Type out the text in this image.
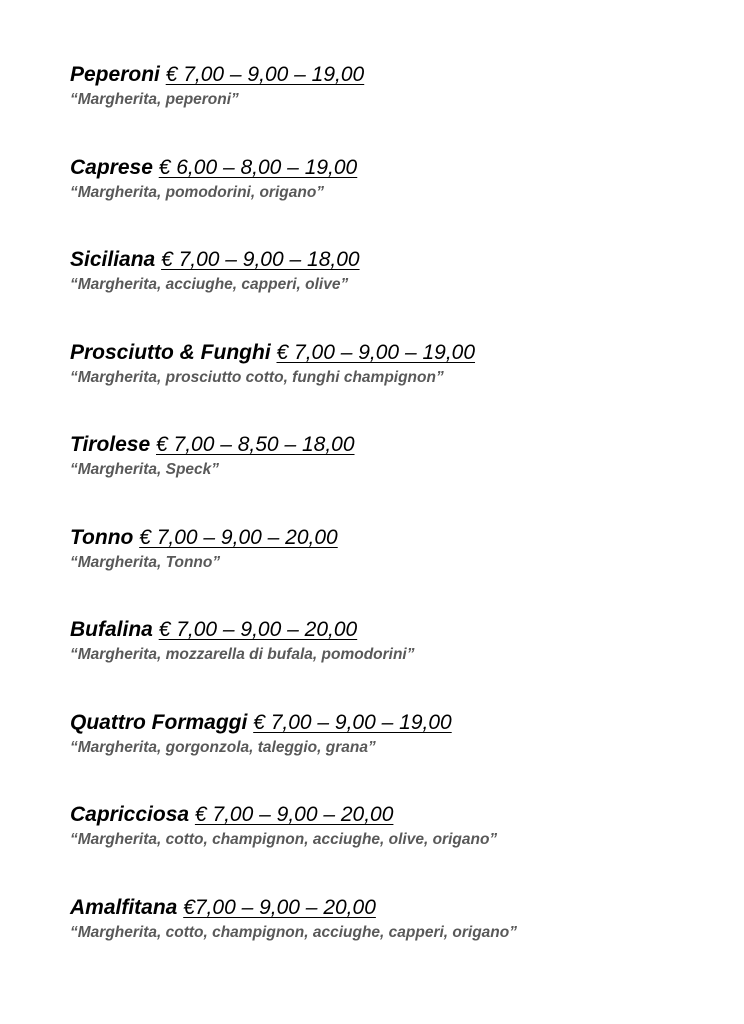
Peperoni € 7,00 – 9,00 – 19,00
“Margherita, peperoni”
Caprese € 6,00 – 8,00 – 19,00
“Margherita, pomodorini, origano”
Siciliana € 7,00 – 9,00 – 18,00
“Margherita, acciughe, capperi, olive”
Prosciutto & Funghi € 7,00 – 9,00 – 19,00
“Margherita, prosciutto cotto, funghi champignon”
Tirolese € 7,00 – 8,50 – 18,00
“Margherita, Speck”
Tonno € 7,00 – 9,00 – 20,00
“Margherita, Tonno”
Bufalina € 7,00 – 9,00 – 20,00
“Margherita, mozzarella di bufala, pomodorini”
Quattro Formaggi € 7,00 – 9,00 – 19,00
“Margherita, gorgonzola, taleggio, grana”
Capricciosa € 7,00 – 9,00 – 20,00
“Margherita, cotto, champignon, acciughe, olive, origano”
Amalfitana €7,00 – 9,00 – 20,00
“Margherita, cotto, champignon, acciughe, capperi, origano”
